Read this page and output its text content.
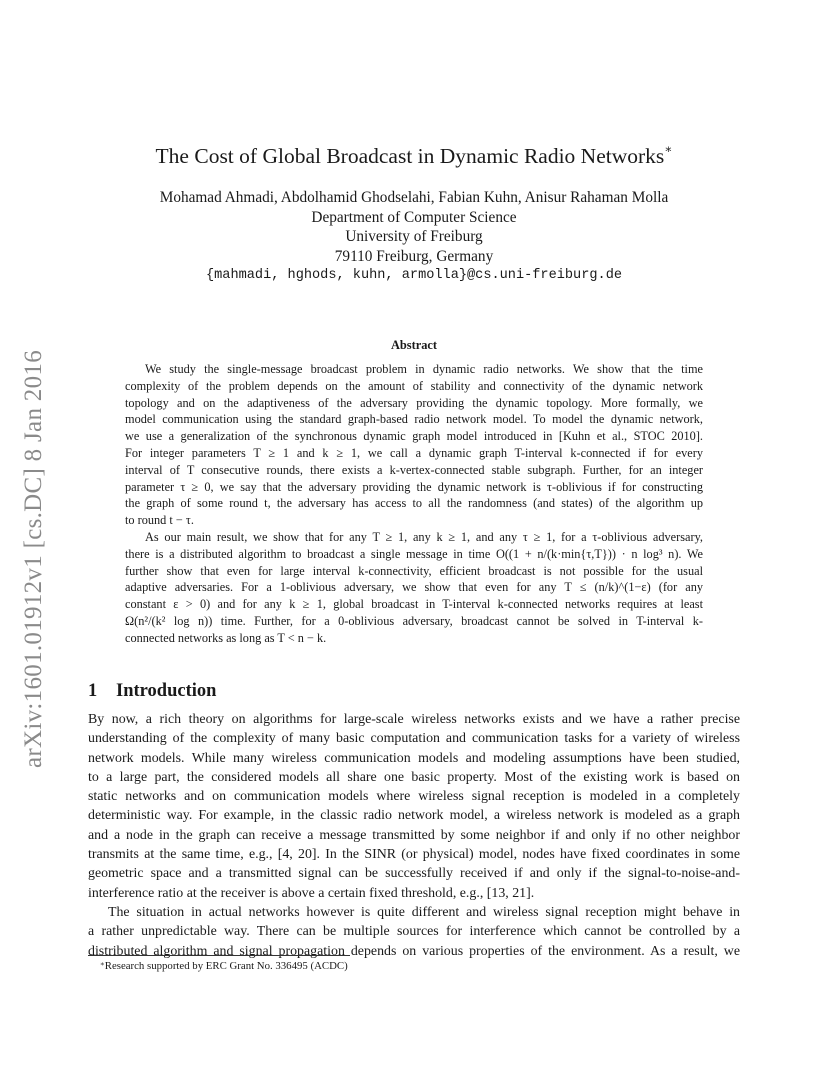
arXiv:1601.01912v1 [cs.DC] 8 Jan 2016
The Cost of Global Broadcast in Dynamic Radio Networks∗
Mohamad Ahmadi, Abdolhamid Ghodselahi, Fabian Kuhn, Anisur Rahaman Molla
Department of Computer Science
University of Freiburg
79110 Freiburg, Germany
{mahmadi, hghods, kuhn, armolla}@cs.uni-freiburg.de
Abstract
We study the single-message broadcast problem in dynamic radio networks. We show that the time
complexity of the problem depends on the amount of stability and connectivity of the dynamic network
topology and on the adaptiveness of the adversary providing the dynamic topology. More formally, we
model communication using the standard graph-based radio network model. To model the dynamic network,
we use a generalization of the synchronous dynamic graph model introduced in [Kuhn et al., STOC 2010].
For integer parameters T ≥ 1 and k ≥ 1, we call a dynamic graph T-interval k-connected if for every
interval of T consecutive rounds, there exists a k-vertex-connected stable subgraph. Further, for an integer
parameter τ ≥ 0, we say that the adversary providing the dynamic network is τ-oblivious if for constructing
the graph of some round t, the adversary has access to all the randomness (and states) of the algorithm up
to round t − τ.
As our main result, we show that for any T ≥ 1, any k ≥ 1, and any τ ≥ 1, for a τ-oblivious adversary,
there is a distributed algorithm to broadcast a single message in time O((1 + n/(k·min{τ,T})) · n log³ n). We
further show that even for large interval k-connectivity, efficient broadcast is not possible for the usual
adaptive adversaries. For a 1-oblivious adversary, we show that even for any T ≤ (n/k)^(1−ε) (for any
constant ε > 0) and for any k ≥ 1, global broadcast in T-interval k-connected networks requires at least
Ω(n²/(k² log n)) time. Further, for a 0-oblivious adversary, broadcast cannot be solved in T-interval k-
connected networks as long as T < n − k.
1 Introduction
By now, a rich theory on algorithms for large-scale wireless networks exists and we have a rather precise
understanding of the complexity of many basic computation and communication tasks for a variety of wireless
network models. While many wireless communication models and modeling assumptions have been studied,
to a large part, the considered models all share one basic property. Most of the existing work is based on
static networks and on communication models where wireless signal reception is modeled in a completely
deterministic way. For example, in the classic radio network model, a wireless network is modeled as a graph
and a node in the graph can receive a message transmitted by some neighbor if and only if no other neighbor
transmits at the same time, e.g., [4, 20]. In the SINR (or physical) model, nodes have fixed coordinates in some
geometric space and a transmitted signal can be successfully received if and only if the signal-to-noise-and-
interference ratio at the receiver is above a certain fixed threshold, e.g., [13, 21].
The situation in actual networks however is quite different and wireless signal reception might behave in
a rather unpredictable way. There can be multiple sources for interference which cannot be controlled by a
distributed algorithm and signal propagation depends on various properties of the environment. As a result, we
∗Research supported by ERC Grant No. 336495 (ACDC)
